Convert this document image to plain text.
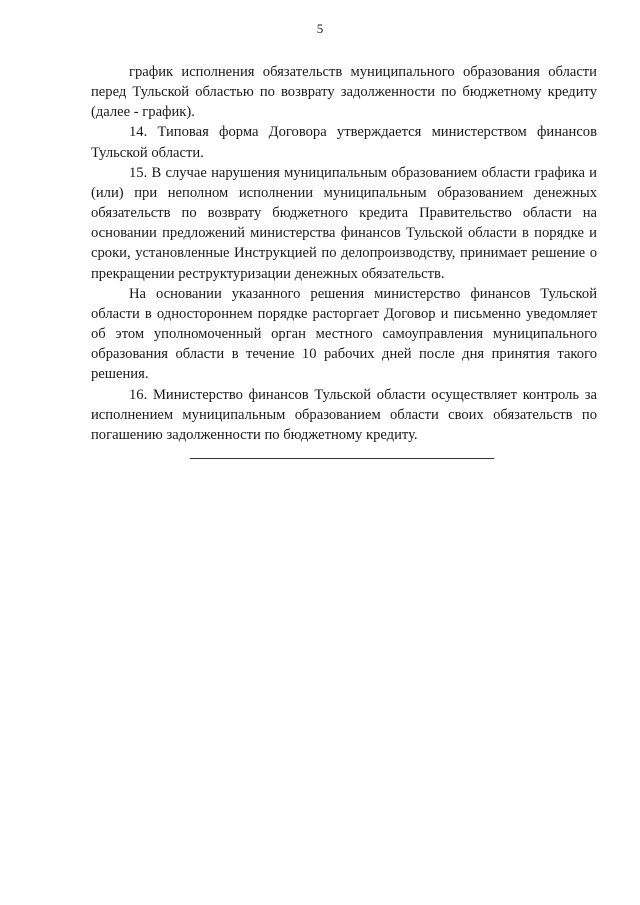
5

график исполнения обязательств муниципального образования области перед Тульской областью по возврату задолженности по бюджетному кредиту (далее - график).

14. Типовая форма Договора утверждается министерством финансов Тульской области.

15. В случае нарушения муниципальным образованием области графика и (или) при неполном исполнении муниципальным образованием денежных обязательств по возврату бюджетного кредита Правительство области на основании предложений министерства финансов Тульской области в порядке и сроки, установленные Инструкцией по делопроизводству, принимает решение о прекращении реструктуризации денежных обязательств.

На основании указанного решения министерство финансов Тульской области в одностороннем порядке расторгает Договор и письменно уведомляет об этом уполномоченный орган местного самоуправления муниципального образования области в течение 10 рабочих дней после дня принятия такого решения.

16. Министерство финансов Тульской области осуществляет контроль за исполнением муниципальным образованием области своих обязательств по погашению задолженности по бюджетному кредиту.
